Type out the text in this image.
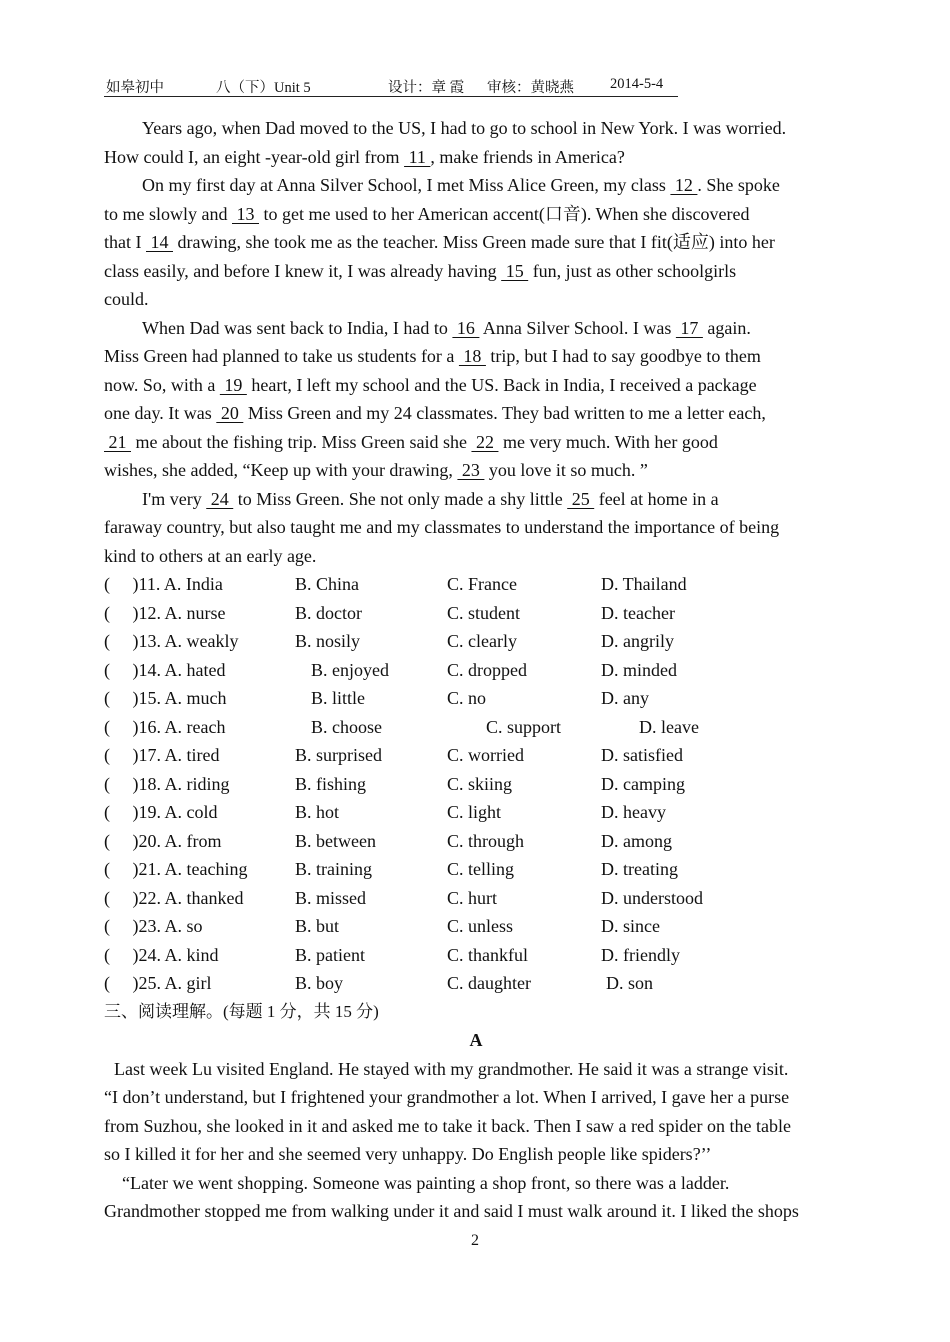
如皋初中

	八（下）Unit 5

	设计：章 霞

审核：黄晓燕

2014-5-4

Years ago, when Dad moved to the US, I had to go to school in New York. I was worried.
How could I, an eight -year-old girl from  11 , make friends in America?
On my first day at Anna Silver School, I met Miss Alice Green, my class  12 . She spoke
to me slowly and  13  to get me used to her American accent(口音). When she discovered
that I  14  drawing, she took me as the teacher. Miss Green made sure that I fit(适应) into her
class easily, and before I knew it, I was already having  15  fun, just as other schoolgirls
could.
When Dad was sent back to India, I had to  16  Anna Silver School. I was  17  again.
Miss Green had planned to take us students for a  18  trip, but I had to say goodbye to them
now. So, with a  19  heart, I left my school and the US. Back in India, I received a package
one day. It was  20  Miss Green and my 24 classmates. They bad written to me a letter each,
21  me about the fishing trip. Miss Green said she  22  me very much. With her good
wishes, she added, “Keep up with your drawing,  23  you love it so much. ”
I'm very  24  to Miss Green. She not only made a shy little  25  feel at home in a
faraway country, but also taught me and my classmates to understand the importance of being
kind to others at an early age.
(     )11. A. India	B. China	C. France	D. Thailand
(     )12. A. nurse	B. doctor	C. student	D. teacher
(     )13. A. weakly	B. nosily	C. clearly	D. angrily
(     )14. A. hated	B. enjoyed	C. dropped	D. minded
(     )15. A. much	B. little	C. no	D. any
(     )16. A. reach	B. choose	C. support	D. leave
(     )17. A. tired	B. surprised	C. worried	D. satisfied
(     )18. A. riding	B. fishing	C. skiing	D. camping
(     )19. A. cold	B. hot	C. light	D. heavy
(     )20. A. from	B. between	C. through	D. among
(     )21. A. teaching	B. training	C. telling	D. treating
(     )22. A. thanked	B. missed	C. hurt	D. understood
(     )23. A. so	B. but	C. unless	D. since
(     )24. A. kind	B. patient	C. thankful	D. friendly
(     )25. A. girl	B. boy	C. daughter	D. son
三、阅读理解。(每题 1 分，共 15 分)
A
Last week Lu visited England. He stayed with my grandmother. He said it was a strange visit.
“I don’t understand, but I frightened your grandmother a lot. When I arrived, I gave her a purse
from Suzhou, she looked in it and asked me to take it back. Then I saw a red spider on the table
so I killed it for her and she seemed very unhappy. Do English people like spiders?’’
“Later we went shopping. Someone was painting a shop front, so there was a ladder.
Grandmother stopped me from walking under it and said I must walk around it. I liked the shops
2
